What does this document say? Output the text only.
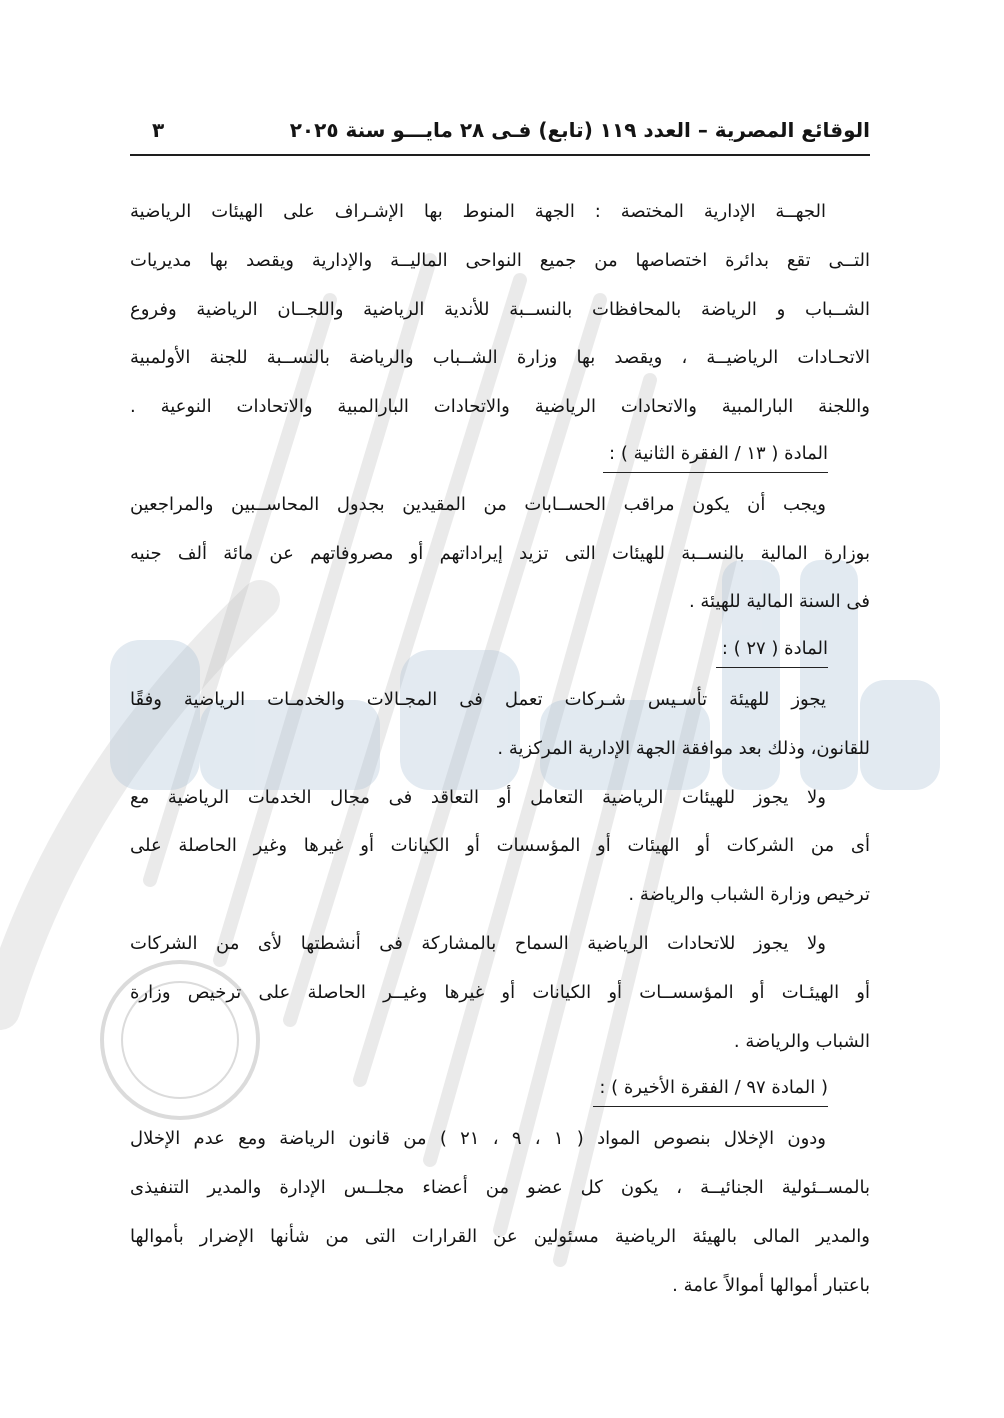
الوقائع المصرية – العدد ١١٩ (تابع) فـى ٢٨ مايـــو سنة ٢٠٢٥
٣
الجهــة الإدارية المختصة : الجهة المنوط بها الإشـراف على الهيئات الرياضية
التــى تقع بدائرة اختصاصها من جميع النواحى الماليــة والإدارية ويقصد بها مديريات
الشــباب و الرياضة بالمحافظات بالنســبة للأندية الرياضية واللجــان الرياضية وفروع
الاتحـادات الرياضيــة ، ويقصد بها وزارة الشــباب والرياضة بالنســبة للجنة الأولمبية
واللجنة البارالمبية والاتحادات الرياضية والاتحادات البارالمبية والاتحادات النوعية .
المادة ( ١٣ / الفقرة الثانية ) :
ويجب أن يكون مراقب الحســابات من المقيدين بجدول المحاســبين والمراجعين
بوزارة المالية بالنســبة للهيئات التى تزيد إيراداتهم أو مصروفاتهم عن مائة ألف جنيه
فى السنة المالية للهيئة .
المادة ( ٢٧ ) :
يجوز للهيئة تأسـيس شـركات تعمل فى المجـالات والخدمـات الرياضية وفقًا
للقانون، وذلك بعد موافقة الجهة الإدارية المركزية .
ولا يجوز للهيئات الرياضية التعامل أو التعاقد فى مجال الخدمات الرياضية مع
أى من الشركات أو الهيئات أو المؤسسات أو الكيانات أو غيرها وغير الحاصلة على
ترخيص وزارة الشباب والرياضة .
ولا يجوز للاتحادات الرياضية السماح بالمشاركة فى أنشطتها لأى من الشركات
أو الهيئـات أو المؤسســات أو الكيانات أو غيرها وغيــر الحاصلة على ترخيص وزارة
الشباب والرياضة .
( المادة ٩٧ / الفقرة الأخيرة ) :
ودون الإخلال بنصوص المواد ( ١ ، ٩ ، ٢١ ) من قانون الرياضة ومع عدم الإخلال
بالمســئولية الجنائيــة ، يكون كل عضو من أعضاء مجلــس الإدارة والمدير التنفيذى
والمدير المالى بالهيئة الرياضية مسئولين عن القرارات التى من شأنها الإضرار بأموالها
باعتبار أموالها أموالاً عامة .
